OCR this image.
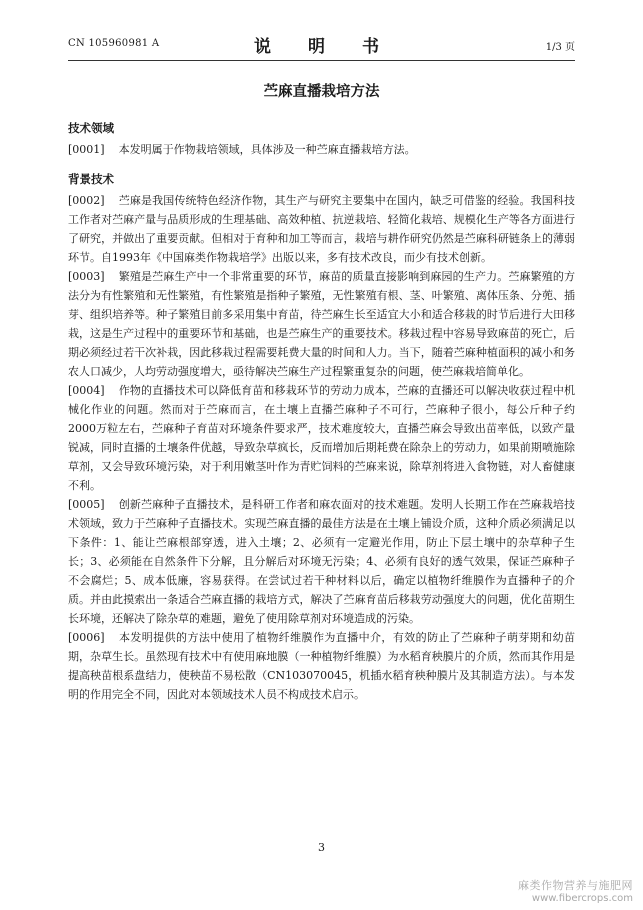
CN 105960981 A	说　明　书	1/3 页
苎麻直播栽培方法
技术领域

[0001] 本发明属于作物栽培领域，具体涉及一种苎麻直播栽培方法。

背景技术

[0002] 苎麻是我国传统特色经济作物，其生产与研究主要集中在国内，缺乏可借鉴的经验。我国科技工作者对苎麻产量与品质形成的生理基础、高效种植、抗逆栽培、轻简化栽培、规模化生产等各方面进行了研究，并做出了重要贡献。但相对于育种和加工等而言，栽培与耕作研究仍然是苎麻科研链条上的薄弱环节。自1993年《中国麻类作物栽培学》出版以来，多有技术改良，而少有技术创新。

[0003] 繁殖是苎麻生产中一个非常重要的环节，麻苗的质量直接影响到麻园的生产力。苎麻繁殖的方法分为有性繁殖和无性繁殖，有性繁殖是指种子繁殖，无性繁殖有根、茎、叶繁殖、离体压条、分蔸、插芽、组织培养等。种子繁殖目前多采用集中育苗，待苎麻生长至适宜大小和适合移栽的时节后进行大田移栽，这是生产过程中的重要环节和基础，也是苎麻生产的重要技术。移栽过程中容易导致麻苗的死亡，后期必须经过若干次补栽，因此移栽过程需要耗费大量的时间和人力。当下，随着苎麻种植面积的减小和务农人口减少，人均劳动强度增大，亟待解决苎麻生产过程繁重复杂的问题，使苎麻栽培简单化。

[0004] 作物的直播技术可以降低育苗和移栽环节的劳动力成本，苎麻的直播还可以解决收获过程中机械化作业的问题。然而对于苎麻而言，在土壤上直播苎麻种子不可行，苎麻种子很小，每公斤种子约2000万粒左右，苎麻种子育苗对环境条件要求严，技术难度较大，直播苎麻会导致出苗率低，以致产量锐减，同时直播的土壤条件优越，导致杂草疯长，反而增加后期耗费在除杂上的劳动力，如果前期喷施除草剂，又会导致环境污染，对于利用嫩茎叶作为青贮饲料的苎麻来说，除草剂将进入食物链，对人畜健康不利。

[0005] 创新苎麻种子直播技术，是科研工作者和麻农面对的技术难题。发明人长期工作在苎麻栽培技术领域，致力于苎麻种子直播技术。实现苎麻直播的最佳方法是在土壤上铺设介质，这种介质必须满足以下条件：1、能让苎麻根部穿透，进入土壤；2、必须有一定避光作用，防止下层土壤中的杂草种子生长；3、必须能在自然条件下分解，且分解后对环境无污染；4、必须有良好的透气效果，保证苎麻种子不会腐烂；5、成本低廉，容易获得。在尝试过若干种材料以后，确定以植物纤维膜作为直播种子的介质。并由此摸索出一条适合苎麻直播的栽培方式，解决了苎麻育苗后移栽劳动强度大的问题，优化苗期生长环境，还解决了除杂草的难题，避免了使用除草剂对环境造成的污染。

[0006] 本发明提供的方法中使用了植物纤维膜作为直播中介，有效的防止了苎麻种子萌芽期和幼苗期，杂草生长。虽然现有技术中有使用麻地膜（一种植物纤维膜）为水稻育秧膜片的介质，然而其作用是提高秧苗根系盘结力，使秧苗不易松散（CN103070045，机插水稻育秧种膜片及其制造方法）。与本发明的作用完全不同，因此对本领域技术人员不构成技术启示。

3
麻类作物营养与施肥网
www.fibercrops.com
